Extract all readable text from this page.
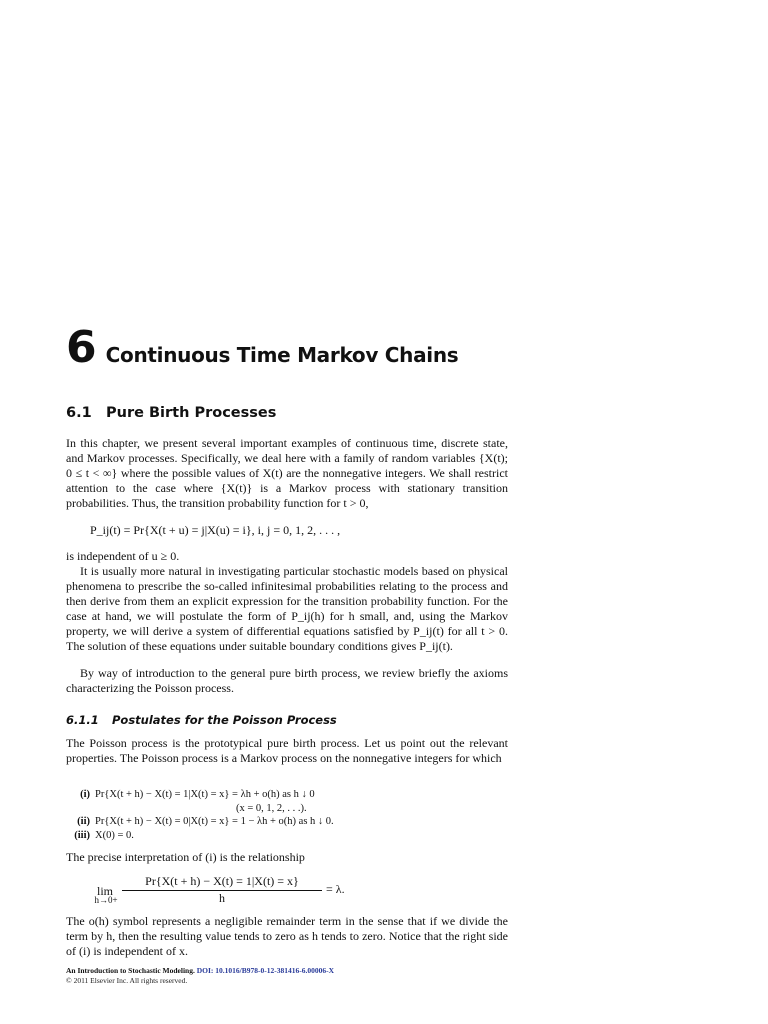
6 Continuous Time Markov Chains
6.1 Pure Birth Processes
In this chapter, we present several important examples of continuous time, discrete state, and Markov processes. Specifically, we deal here with a family of random variables {X(t); 0 ≤ t < ∞} where the possible values of X(t) are the nonnegative integers. We shall restrict attention to the case where {X(t)} is a Markov process with stationary transition probabilities. Thus, the transition probability function for t > 0,
P_ij(t) = Pr{X(t + u) = j|X(u) = i}, i, j = 0, 1, 2, . . . ,
is independent of u ≥ 0.
It is usually more natural in investigating particular stochastic models based on physical phenomena to prescribe the so-called infinitesimal probabilities relating to the process and then derive from them an explicit expression for the transition probability function. For the case at hand, we will postulate the form of P_ij(h) for h small, and, using the Markov property, we will derive a system of differential equations satisfied by P_ij(t) for all t > 0. The solution of these equations under suitable boundary conditions gives P_ij(t).
By way of introduction to the general pure birth process, we review briefly the axioms characterizing the Poisson process.
6.1.1 Postulates for the Poisson Process
The Poisson process is the prototypical pure birth process. Let us point out the relevant properties. The Poisson process is a Markov process on the nonnegative integers for which
(i) Pr{X(t + h) − X(t) = 1|X(t) = x} = λh + o(h) as h ↓ 0
(x = 0, 1, 2, . . .).
(ii) Pr{X(t + h) − X(t) = 0|X(t) = x} = 1 − λh + o(h) as h ↓ 0.
(iii) X(0) = 0.
The precise interpretation of (i) is the relationship
lim
h→0+
Pr{X(t + h) − X(t) = 1|X(t) = x}
h
= λ.
The o(h) symbol represents a negligible remainder term in the sense that if we divide the term by h, then the resulting value tends to zero as h tends to zero. Notice that the right side of (i) is independent of x.
An Introduction to Stochastic Modeling. DOI: 10.1016/B978-0-12-381416-6.00006-X
© 2011 Elsevier Inc. All rights reserved.
